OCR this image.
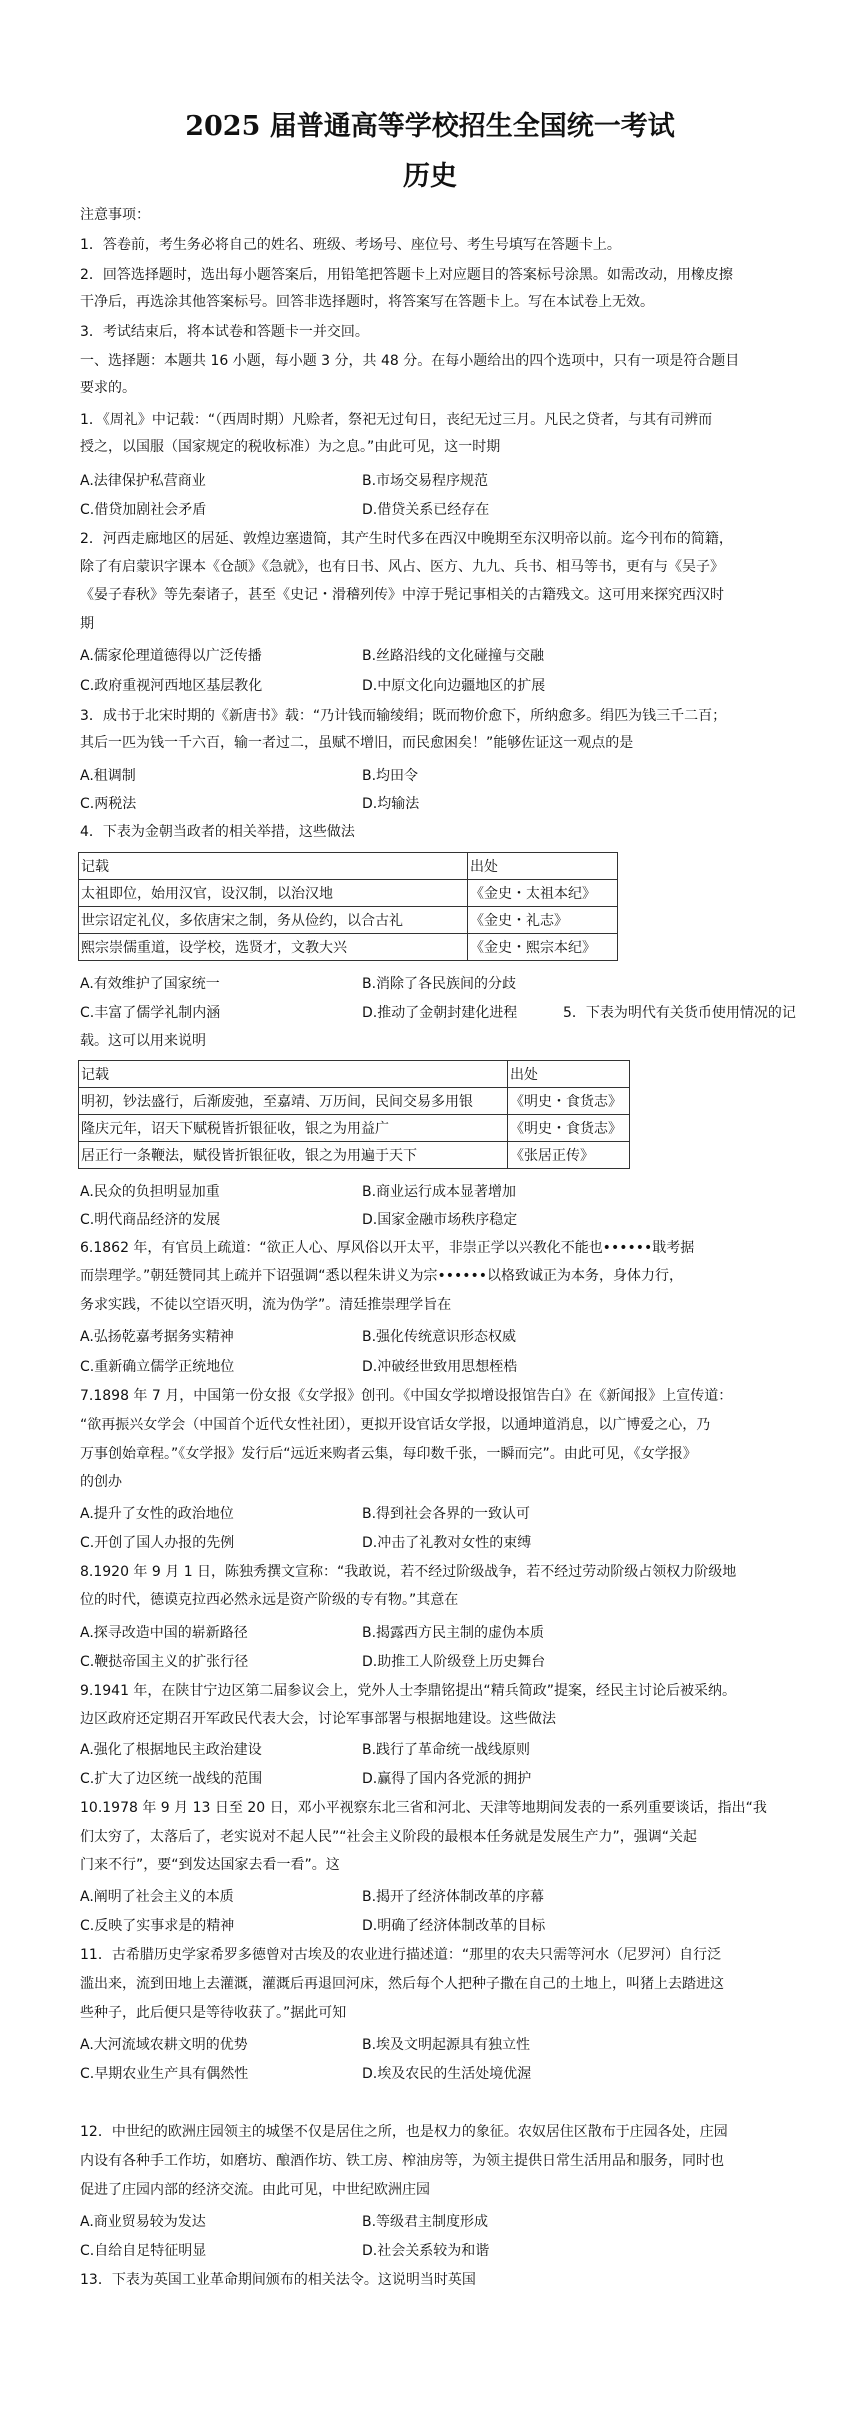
2025 届普通高等学校招生全国统一考试
历史
注意事项：
1．答卷前，考生务必将自己的姓名、班级、考场号、座位号、考生号填写在答题卡上。
2．回答选择题时，选出每小题答案后，用铅笔把答题卡上对应题目的答案标号涂黑。如需改动，用橡皮擦
干净后，再选涂其他答案标号。回答非选择题时，将答案写在答题卡上。写在本试卷上无效。
3．考试结束后，将本试卷和答题卡一并交回。
一、选择题：本题共 16 小题，每小题 3 分，共 48 分。在每小题给出的四个选项中，只有一项是符合题目
要求的。
1．《周礼》中记载：“（西周时期）凡赊者，祭祀无过旬日，丧纪无过三月。凡民之贷者，与其有司辨而
授之，以国服（国家规定的税收标准）为之息。”由此可见，这一时期
A.法律保护私营商业	B.市场交易程序规范
C.借贷加剧社会矛盾	D.借贷关系已经存在
2．河西走廊地区的居延、敦煌边塞遗简，其产生时代多在西汉中晚期至东汉明帝以前。迄今刊布的简籍，
除了有启蒙识字课本《仓颉》《急就》，也有日书、风占、医方、九九、兵书、相马等书，更有与《吴子》
《晏子春秋》等先秦诸子，甚至《史记・滑稽列传》中淳于髡记事相关的古籍残文。这可用来探究西汉时
期
A.儒家伦理道德得以广泛传播	B.丝路沿线的文化碰撞与交融
C.政府重视河西地区基层教化	D.中原文化向边疆地区的扩展
3．成书于北宋时期的《新唐书》载：“乃计钱而输绫绢；既而物价愈下，所纳愈多。绢匹为钱三千二百；
其后一匹为钱一千六百，输一者过二，虽赋不增旧，而民愈困矣！”能够佐证这一观点的是
A.租调制	B.均田令
C.两税法	D.均输法
4．下表为金朝当政者的相关举措，这些做法
记载	出处
太祖即位，始用汉官，设汉制，以治汉地	《金史・太祖本纪》
世宗诏定礼仪，多依唐宋之制，务从俭约，以合古礼	《金史・礼志》
熙宗崇儒重道，设学校，选贤才，文教大兴	《金史・熙宗本纪》
A.有效维护了国家统一	B.消除了各民族间的分歧
C.丰富了儒学礼制内涵	D.推动了金朝封建化进程	5．下表为明代有关货币使用情况的记
载。这可以用来说明
记载	出处
明初，钞法盛行，后渐废弛，至嘉靖、万历间，民间交易多用银	《明史・食货志》
隆庆元年，诏天下赋税皆折银征收，银之为用益广	《明史・食货志》
居正行一条鞭法，赋役皆折银征收，银之为用遍于天下	《张居正传》
A.民众的负担明显加重	B.商业运行成本显著增加
C.明代商品经济的发展	D.国家金融市场秩序稳定
6.1862 年，有官员上疏道：“欲正人心、厚风俗以开太平，非崇正学以兴教化不能也••••••戢考据
而崇理学。”朝廷赞同其上疏并下诏强调“悉以程朱讲义为宗••••••以格致诚正为本务，身体力行，
务求实践，不徒以空语灭明，流为伪学”。清廷推崇理学旨在
A.弘扬乾嘉考据务实精神	B.强化传统意识形态权威
C.重新确立儒学正统地位	D.冲破经世致用思想桎梏
7.1898 年 7 月，中国第一份女报《女学报》创刊。《中国女学拟增设报馆告白》在《新闻报》上宣传道：
“欲再振兴女学会（中国首个近代女性社团），更拟开设官话女学报，以通坤道消息，以广博爱之心，乃
万事创始章程。”《女学报》发行后“远近来购者云集，每印数千张，一瞬而完”。由此可见，《女学报》
的创办
A.提升了女性的政治地位	B.得到社会各界的一致认可
C.开创了国人办报的先例	D.冲击了礼教对女性的束缚
8.1920 年 9 月 1 日，陈独秀撰文宣称：“我敢说，若不经过阶级战争，若不经过劳动阶级占领权力阶级地
位的时代，德谟克拉西必然永远是资产阶级的专有物。”其意在
A.探寻改造中国的崭新路径	B.揭露西方民主制的虚伪本质
C.鞭挞帝国主义的扩张行径	D.助推工人阶级登上历史舞台
9.1941 年，在陕甘宁边区第二届参议会上，党外人士李鼎铭提出“精兵简政”提案，经民主讨论后被采纳。
边区政府还定期召开军政民代表大会，讨论军事部署与根据地建设。这些做法
A.强化了根据地民主政治建设	B.践行了革命统一战线原则
C.扩大了边区统一战线的范围	D.赢得了国内各党派的拥护
10.1978 年 9 月 13 日至 20 日，邓小平视察东北三省和河北、天津等地期间发表的一系列重要谈话，指出“我
们太穷了，太落后了，老实说对不起人民”“社会主义阶段的最根本任务就是发展生产力”，强调“关起
门来不行”，要“到发达国家去看一看”。这
A.阐明了社会主义的本质	B.揭开了经济体制改革的序幕
C.反映了实事求是的精神	D.明确了经济体制改革的目标
11．古希腊历史学家希罗多德曾对古埃及的农业进行描述道：“那里的农夫只需等河水（尼罗河）自行泛
滥出来，流到田地上去灌溉，灌溉后再退回河床，然后每个人把种子撒在自己的土地上，叫猪上去踏进这
些种子，此后便只是等待收获了。”据此可知
A.大河流域农耕文明的优势	B.埃及文明起源具有独立性
C.早期农业生产具有偶然性	D.埃及农民的生活处境优渥
12．中世纪的欧洲庄园领主的城堡不仅是居住之所，也是权力的象征。农奴居住区散布于庄园各处，庄园
内设有各种手工作坊，如磨坊、酿酒作坊、铁工房、榨油房等，为领主提供日常生活用品和服务，同时也
促进了庄园内部的经济交流。由此可见，中世纪欧洲庄园
A.商业贸易较为发达	B.等级君主制度形成
C.自给自足特征明显	D.社会关系较为和谐
13．下表为英国工业革命期间颁布的相关法令。这说明当时英国
